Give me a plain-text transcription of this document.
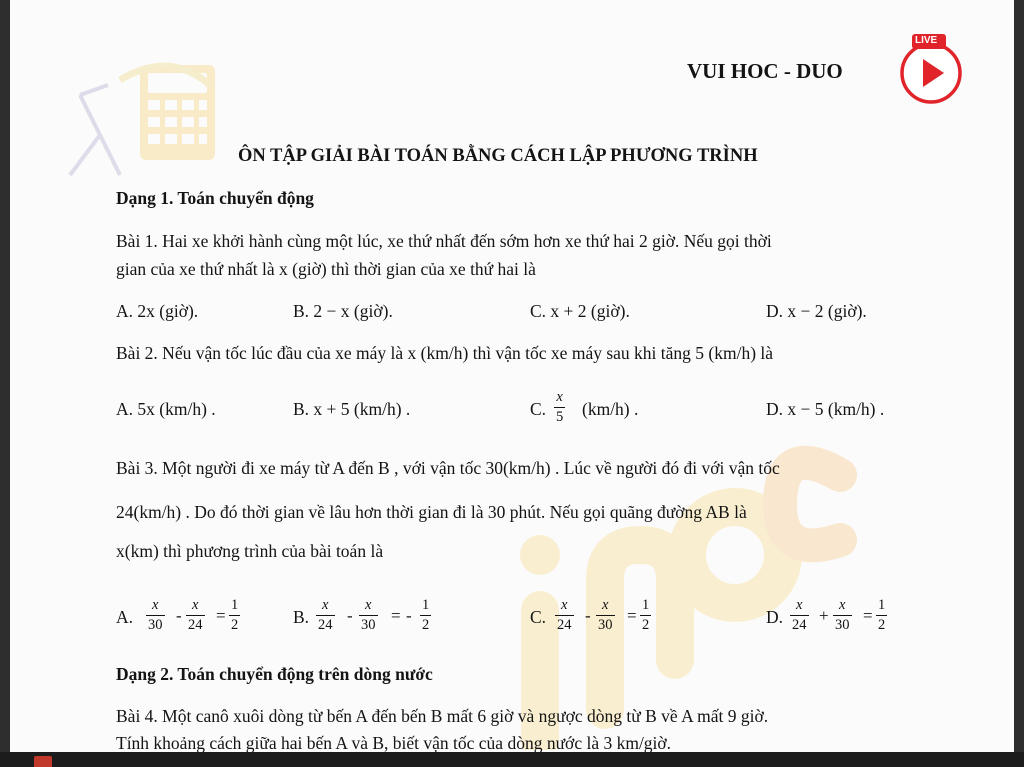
VUI HOC - DUO
LIVE
ÔN TẬP GIẢI BÀI TOÁN BẰNG CÁCH LẬP PHƯƠNG TRÌNH
Dạng 1. Toán chuyển động
Bài 1. Hai xe khởi hành cùng một lúc, xe thứ nhất đến sớm hơn xe thứ hai 2 giờ. Nếu gọi thời
gian của xe thứ nhất là x (giờ) thì thời gian của xe thứ hai là
A. 2x (giờ).	B. 2 − x (giờ).	C. x + 2 (giờ).	D. x − 2 (giờ).
Bài 2. Nếu vận tốc lúc đầu của xe máy là x (km/h) thì vận tốc xe máy sau khi tăng 5 (km/h) là
A. 5x (km/h) .	B. x + 5 (km/h) .	C. $\frac{x}{5} (km/h)$ .	D. x − 5 (km/h) .
Bài 3. Một người đi xe máy từ A đến B , với vận tốc 30(km/h) . Lúc về người đó đi với vận tốc
24(km/h) . Do đó thời gian về lâu hơn thời gian đi là 30 phút. Nếu gọi quãng đường AB là
x(km) thì phương trình của bài toán là
A. $\frac{x}{30} - \frac{x}{24} = \frac{1}{2}$	B. $\frac{x}{24} - \frac{x}{30}$ = - $\frac{1}{2}$	C. $\frac{x}{24} - \frac{x}{30} = \frac{1}{2}$	D. $\frac{x}{24} + \frac{x}{30} = \frac{1}{2}$
Dạng 2. Toán chuyển động trên dòng nước
Bài 4. Một canô xuôi dòng từ bến A đến bến B mất 6 giờ và ngược dòng từ B về A mất 9 giờ.
Tính khoảng cách giữa hai bến A và B, biết vận tốc của dòng nước là 3 km/giờ.
